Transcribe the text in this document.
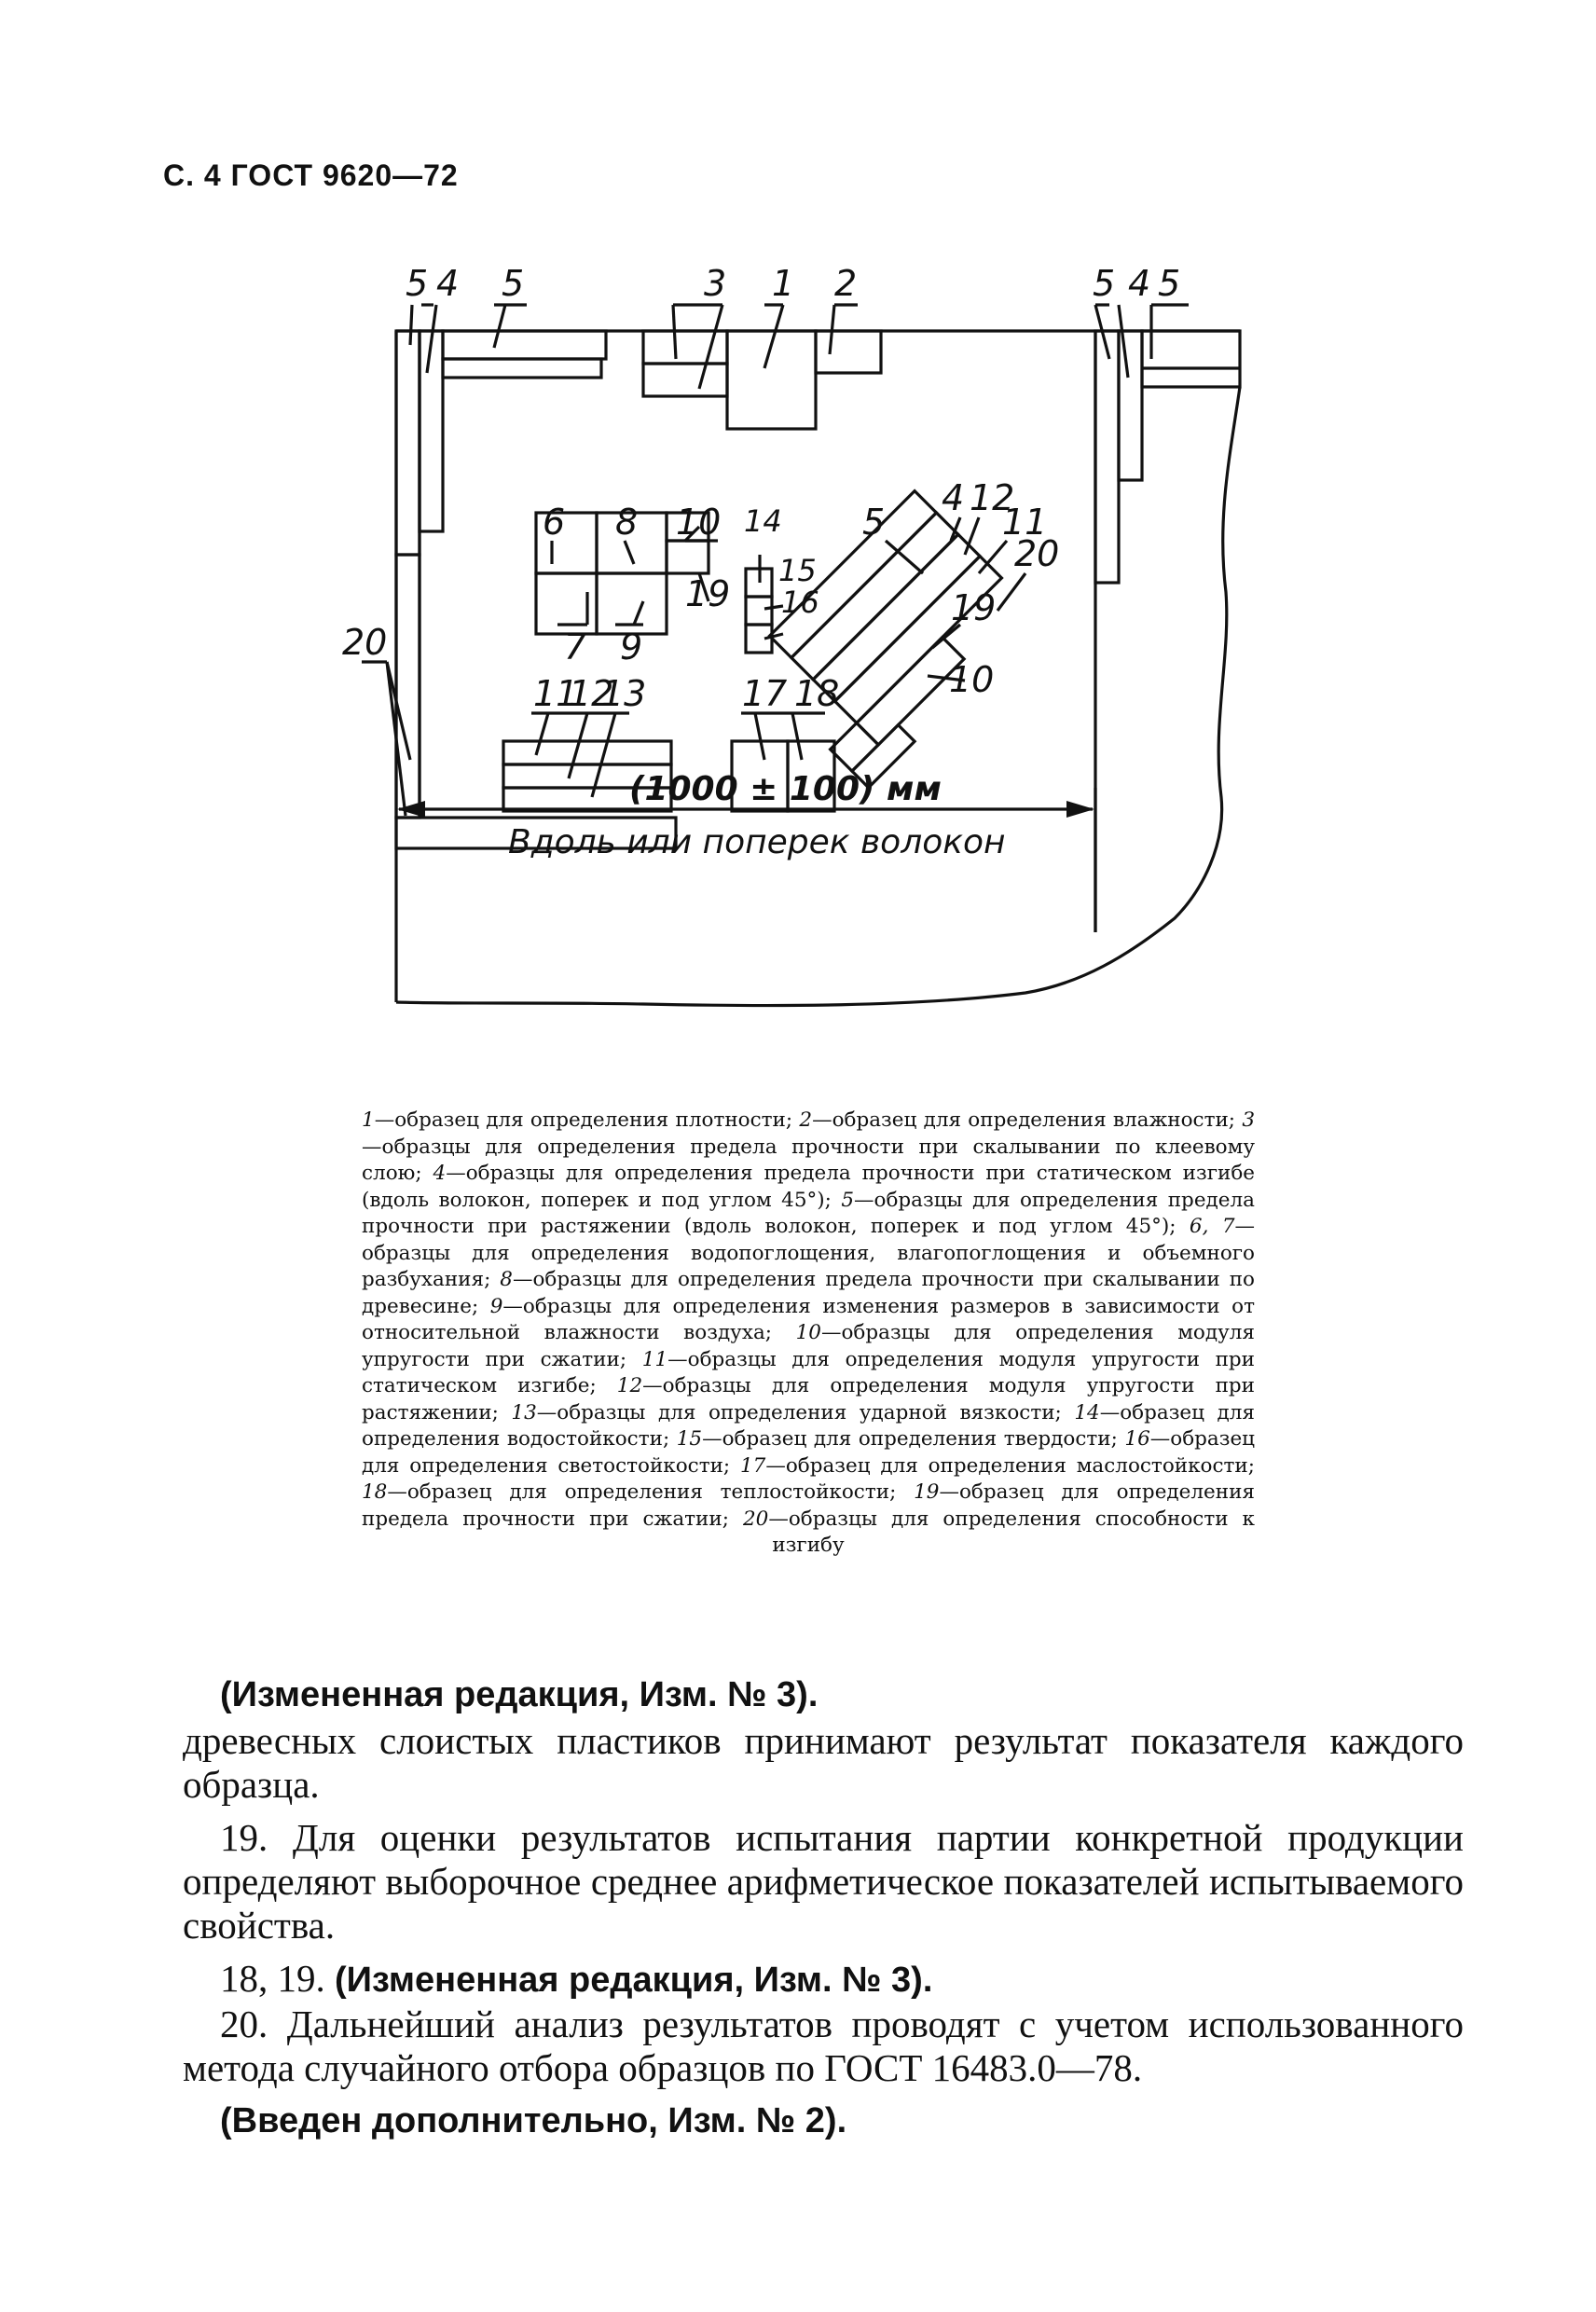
С. 4 ГОСТ 9620—72
5 4 5	3 1 2	5 4 5
6 8 10
19
7 9
14
15
16
4 12
5	11
20
19
10
20
11
12
13	17 18
(1000 ± 100) мм
Вдоль или поперек волокон
1—образец для определения плотности; 2—образец для определения влажности; 3—образцы для определения предела прочности при скалывании по клеевому слою; 4—образцы для определения предела прочности при статическом изгибе (вдоль волокон, поперек и под углом 45°); 5—образцы для определения предела прочности при растяжении (вдоль волокон, поперек и под углом 45°); 6, 7—образцы для определения водопоглощения, влагопоглощения и объемного разбухания; 8—образцы для определения предела прочности при скалывании по древесине; 9—образцы для определения изменения размеров в зависимости от относительной влажности воздуха; 10—образцы для определения модуля упругости при сжатии; 11—образцы для определения модуля упругости при статическом изгибе; 12—образцы для определения модуля упругости при растяжении; 13—образцы для определения ударной вязкости; 14—образец для определения водостойкости; 15—образец для определения твердости; 16—образец для определения светостойкости; 17—образец для определения маслостойкости; 18—образец для определения теплостойкости; 19—образец для определения предела прочности при сжатии; 20—образцы для определения способности к изгибу

(Измененная редакция, Изм. № 3).

древесных слоистых пластиков принимают результат показателя каждого образца.

19. Для оценки результатов испытания партии конкретной продукции определяют выборочное среднее арифметическое показателей испытываемого свойства.

18, 19. (Измененная редакция, Изм. № 3).

20. Дальнейший анализ результатов проводят с учетом использованного метода случайного отбора образцов по ГОСТ 16483.0—78.

(Введен дополнительно, Изм. № 2).
